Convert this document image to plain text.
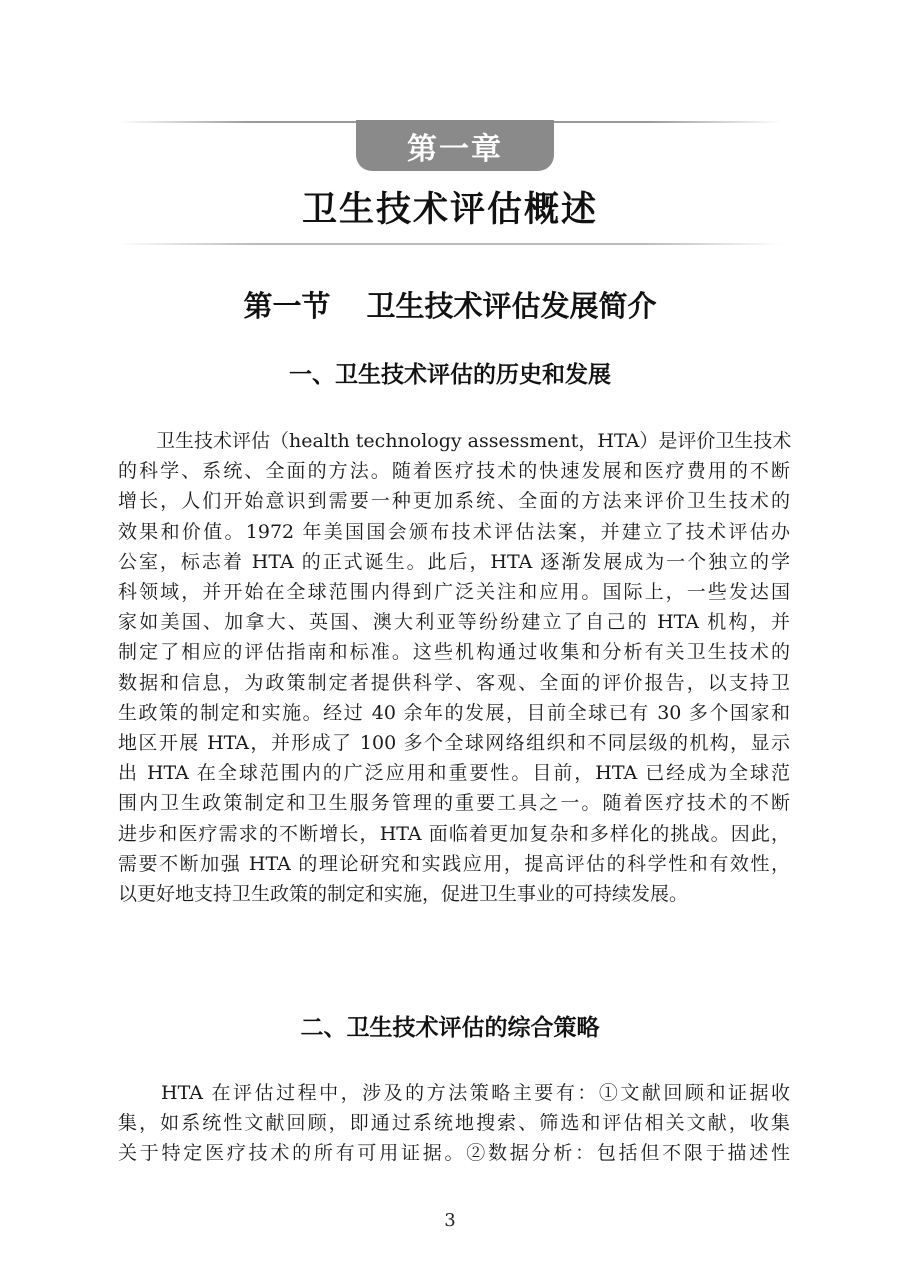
第一章
卫生技术评估概述
第一节 卫生技术评估发展简介
一、卫生技术评估的历史和发展
　　卫生技术评估（health technology assessment，HTA）是评价卫生技术
的科学、系统、全面的方法。随着医疗技术的快速发展和医疗费用的不断
增长，人们开始意识到需要一种更加系统、全面的方法来评价卫生技术的
效果和价值。1972 年美国国会颁布技术评估法案，并建立了技术评估办
公室，标志着 HTA 的正式诞生。此后，HTA 逐渐发展成为一个独立的学
科领域，并开始在全球范围内得到广泛关注和应用。国际上，一些发达国
家如美国、加拿大、英国、澳大利亚等纷纷建立了自己的 HTA 机构，并
制定了相应的评估指南和标准。这些机构通过收集和分析有关卫生技术的
数据和信息，为政策制定者提供科学、客观、全面的评价报告，以支持卫
生政策的制定和实施。经过 40 余年的发展，目前全球已有 30 多个国家和
地区开展 HTA，并形成了 100 多个全球网络组织和不同层级的机构，显示
出 HTA 在全球范围内的广泛应用和重要性。目前，HTA 已经成为全球范
围内卫生政策制定和卫生服务管理的重要工具之一。随着医疗技术的不断
进步和医疗需求的不断增长，HTA 面临着更加复杂和多样化的挑战。因此，
需要不断加强 HTA 的理论研究和实践应用，提高评估的科学性和有效性，
以更好地支持卫生政策的制定和实施，促进卫生事业的可持续发展。
二、卫生技术评估的综合策略
　　HTA 在评估过程中，涉及的方法策略主要有：①文献回顾和证据收
集，如系统性文献回顾，即通过系统地搜索、筛选和评估相关文献，收集
关于特定医疗技术的所有可用证据。②数据分析：包括但不限于描述性
3
